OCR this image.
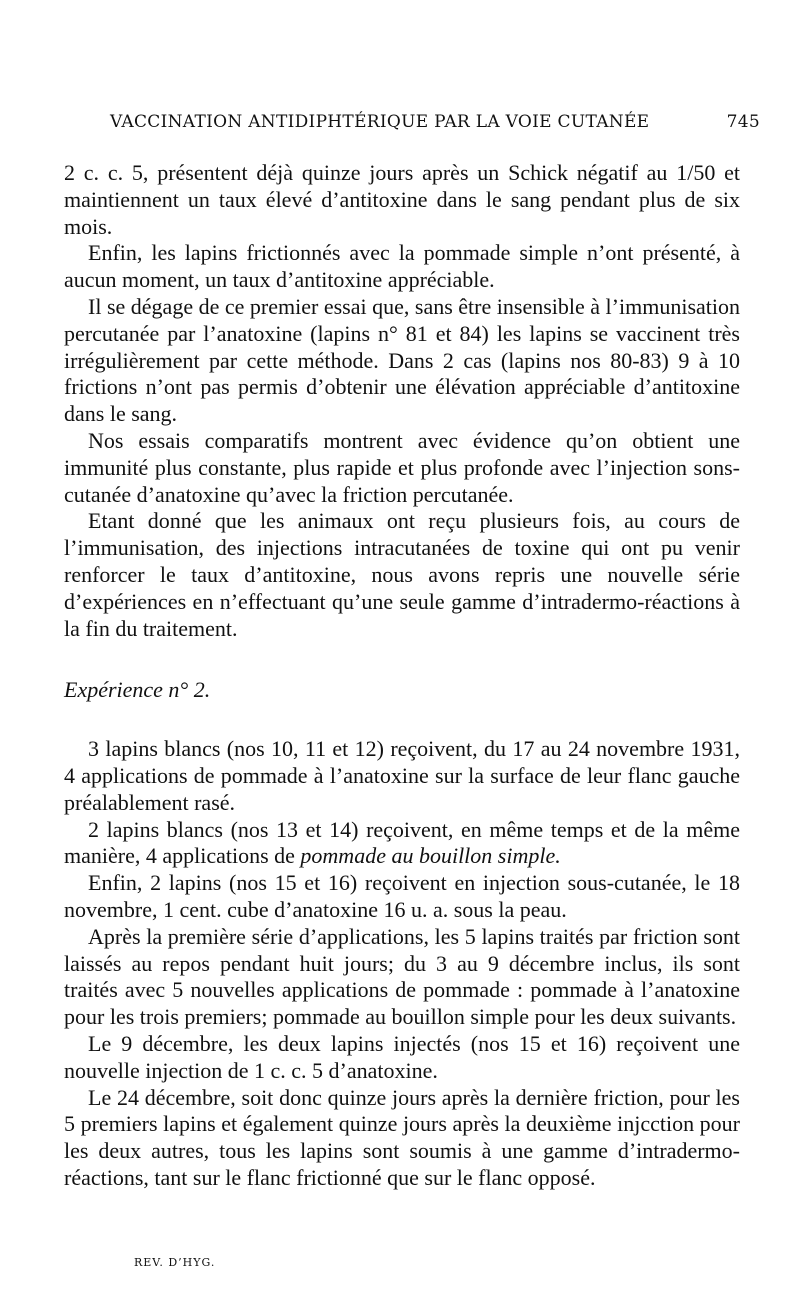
VACCINATION ANTIDIPHTÉRIQUE PAR LA VOIE CUTANÉE	745

2 c. c. 5, présentent déjà quinze jours après un Schick négatif au 1/50 et maintiennent un taux élevé d’antitoxine dans le sang pendant plus de six mois.

Enfin, les lapins frictionnés avec la pommade simple n’ont présenté, à aucun moment, un taux d’antitoxine appréciable.

Il se dégage de ce premier essai que, sans être insensible à l’immunisation percutanée par l’anatoxine (lapins n° 81 et 84) les lapins se vaccinent très irrégulièrement par cette méthode. Dans 2 cas (lapins nos 80-83) 9 à 10 frictions n’ont pas permis d’obtenir une élévation appréciable d’antitoxine dans le sang.

Nos essais comparatifs montrent avec évidence qu’on obtient une immunité plus constante, plus rapide et plus profonde avec l’injection sons-cutanée d’anatoxine qu’avec la friction percutanée.

Etant donné que les animaux ont reçu plusieurs fois, au cours de l’immunisation, des injections intracutanées de toxine qui ont pu venir renforcer le taux d’antitoxine, nous avons repris une nouvelle série d’expériences en n’effectuant qu’une seule gamme d’intradermo-réactions à la fin du traitement.

Expérience n° 2.

3 lapins blancs (nos 10, 11 et 12) reçoivent, du 17 au 24 novembre 1931, 4 applications de pommade à l’anatoxine sur la surface de leur flanc gauche préalablement rasé.

2 lapins blancs (nos 13 et 14) reçoivent, en même temps et de la même manière, 4 applications de pommade au bouillon simple.

Enfin, 2 lapins (nos 15 et 16) reçoivent en injection sous-cutanée, le 18 novembre, 1 cent. cube d’anatoxine 16 u. a. sous la peau.

Après la première série d’applications, les 5 lapins traités par friction sont laissés au repos pendant huit jours; du 3 au 9 décembre inclus, ils sont traités avec 5 nouvelles applications de pommade : pommade à l’anatoxine pour les trois premiers; pommade au bouillon simple pour les deux suivants.

Le 9 décembre, les deux lapins injectés (nos 15 et 16) reçoivent une nouvelle injection de 1 c. c. 5 d’anatoxine.

Le 24 décembre, soit donc quinze jours après la dernière friction, pour les 5 premiers lapins et également quinze jours après la deuxième injcction pour les deux autres, tous les lapins sont soumis à une gamme d’intradermo-réactions, tant sur le flanc frictionné que sur le flanc opposé.

REV. D’HYG.
